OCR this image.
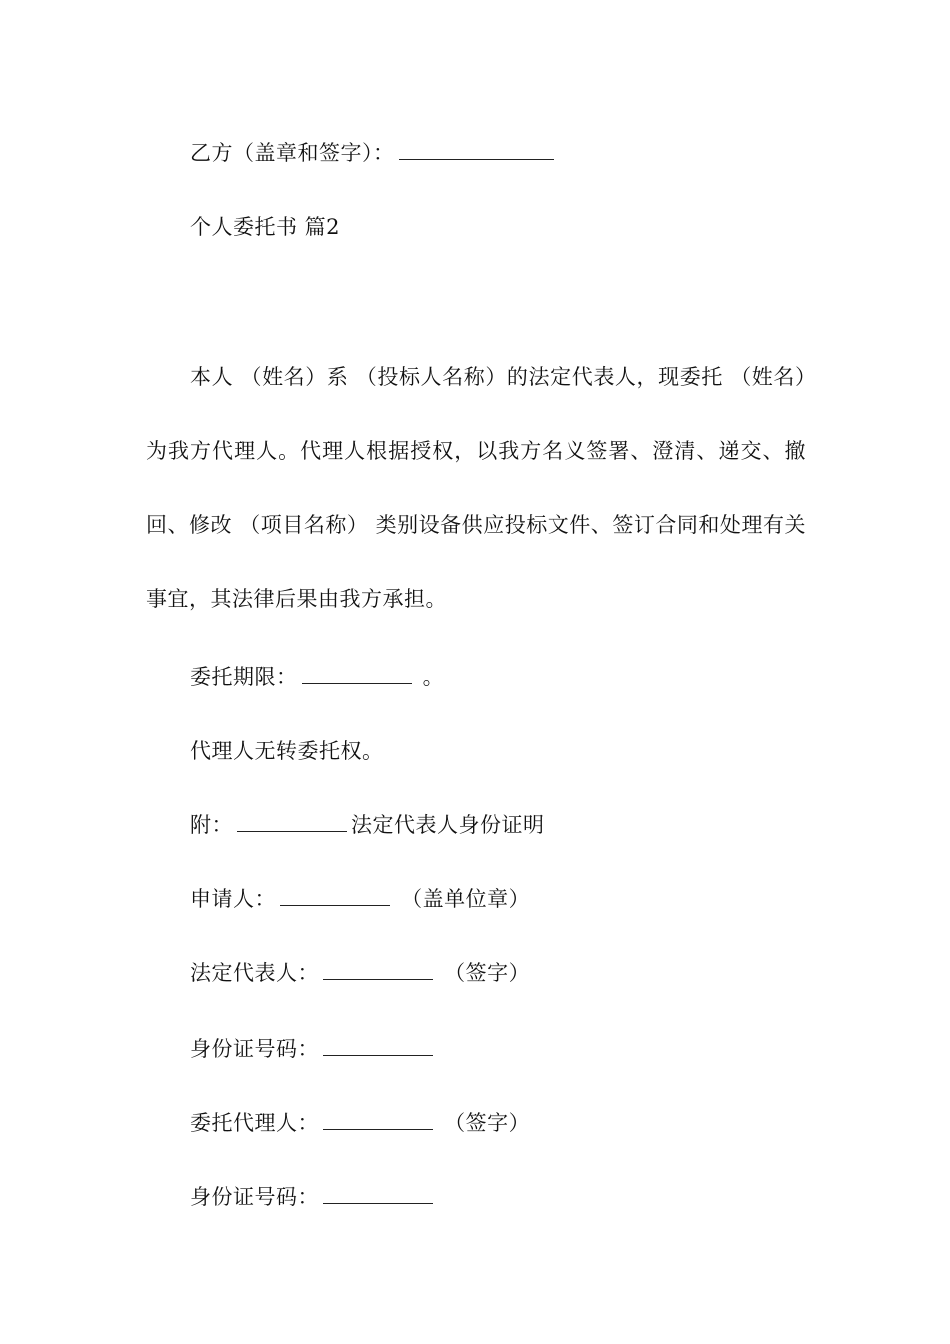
乙方（盖章和签字）：
个人委托书 篇2
本人 （姓名）系 （投标人名称）的法定代表人，现委托 （姓名）为我方代理人。代理人根据授权，以我方名义签署、澄清、递交、撤回、修改 （项目名称） 类别设备供应投标文件、签订合同和处理有关事宜，其法律后果由我方承担。
委托期限：	。
代理人无转委托权。
附：	法定代表人身份证明
申请人：	（盖单位章）
法定代表人：	（签字）
身份证号码：
委托代理人：	（签字）
身份证号码：
